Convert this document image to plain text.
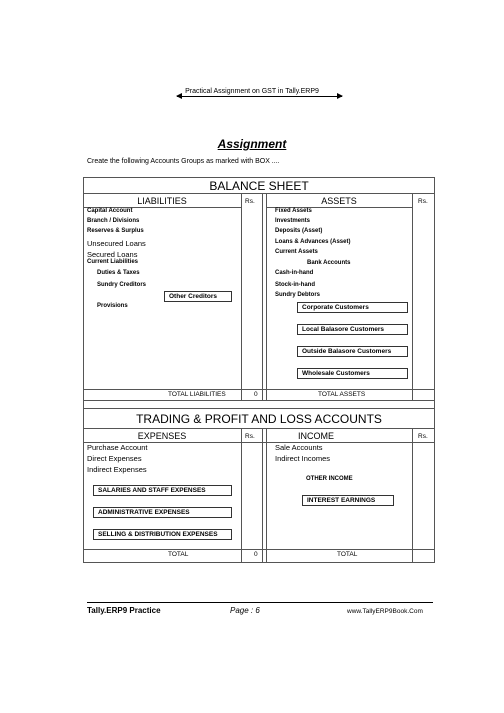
Practical Assignment on GST in Tally.ERP9
Assignment
Create the following Accounts Groups as marked with BOX ....
BALANCE SHEET
LIABILITIES	Rs.	ASSETS	Rs.
Capital Account
Branch / Divisions
Reserves & Surplus
Unsecured Loans
Secured Loans
Current Liabilities
Duties & Taxes
Sundry Creditors
Other Creditors
Provisions
Fixed Assets
Investments
Deposits (Asset)
Loans & Advances (Asset)
Current Assets
Bank Accounts
Cash-in-hand
Stock-in-hand
Sundry Debtors
Corporate Customers
Local Balasore Customers
Outside Balasore Customers
Wholesale Customers
TOTAL LIABILITIES	0	TOTAL ASSETS
TRADING & PROFIT AND LOSS ACCOUNTS
EXPENSES	Rs.	INCOME	Rs.
Purchase Account
Direct Expenses
Indirect Expenses
SALARIES AND STAFF EXPENSES
ADMINISTRATIVE EXPENSES
SELLING & DISTRIBUTION EXPENSES
Sale Accounts
Indirect Incomes
OTHER INCOME
INTEREST EARNINGS
TOTAL	0	TOTAL
Tally.ERP9 Practice	Page : 6	www.TallyERP9Book.Com
